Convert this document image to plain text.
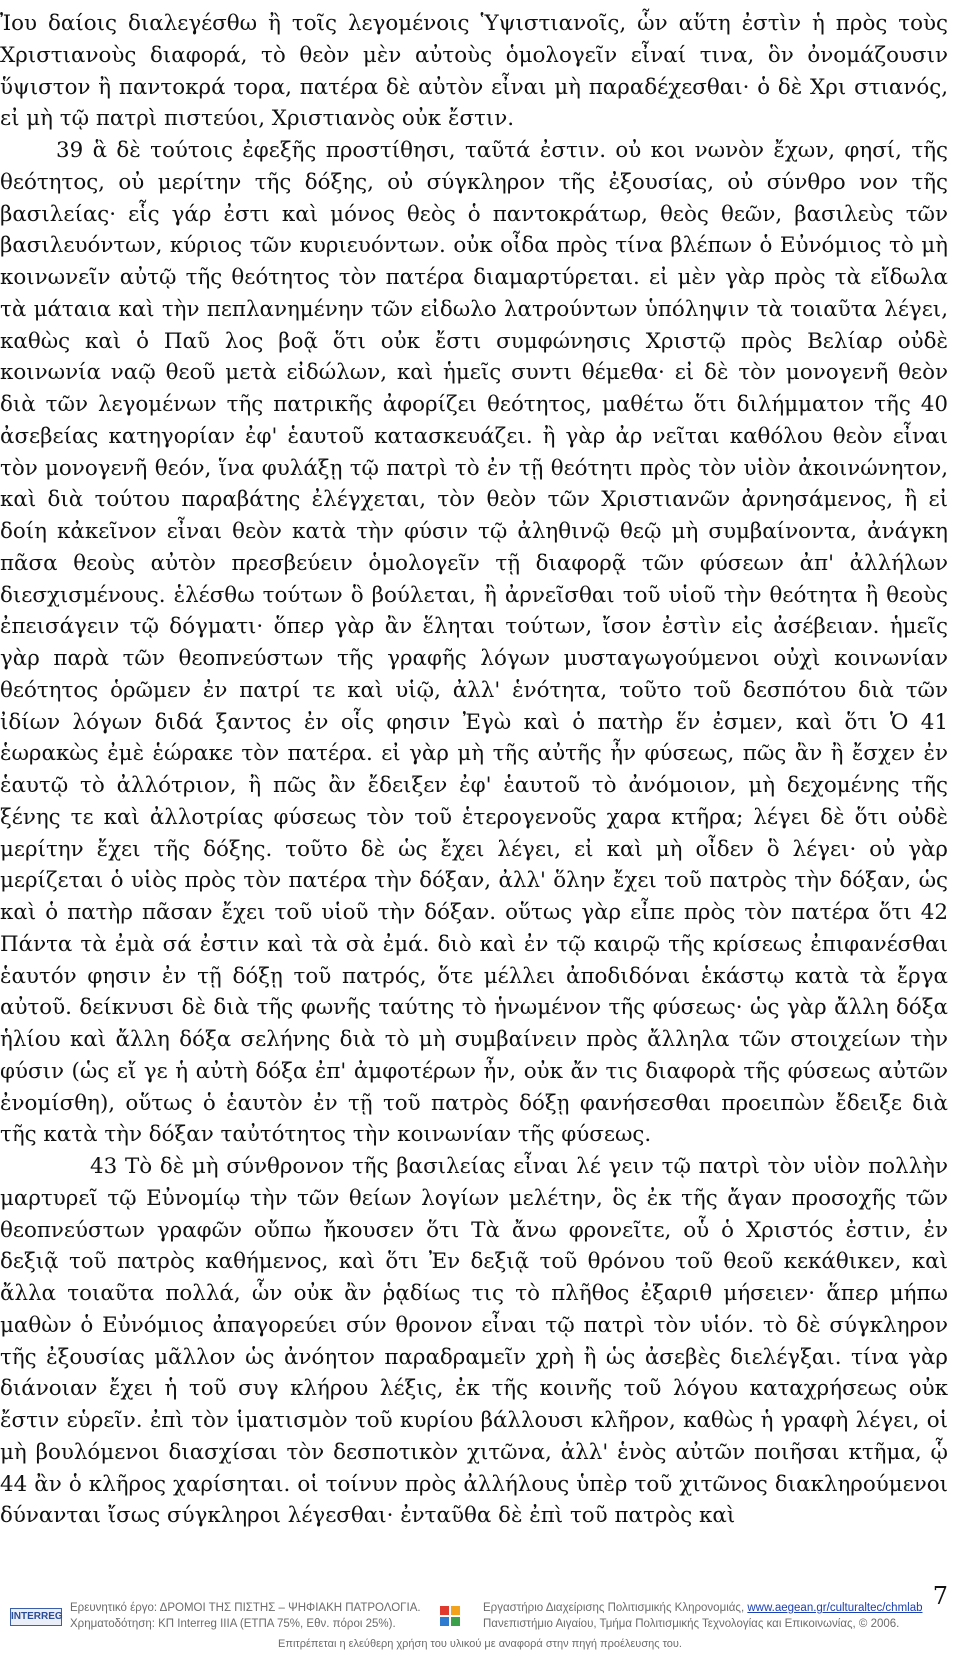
Ἰου δαίοις διαλεγέσθω ἢ τοῖς λεγομένοις Ὑψιστιανοῖς, ὧν αὕτη ἐστὶν ἡ πρὸς τοὺς Χριστιανοὺς διαφορά, τὸ θεὸν μὲν αὐτοὺς ὁμολογεῖν εἶναί τινα, ὃν ὀνομάζουσιν ὕψιστον ἢ παντοκρά τορα, πατέρα δὲ αὐτὸν εἶναι μὴ παραδέχεσθαι· ὁ δὲ Χρι στιανός, εἰ μὴ τῷ πατρὶ πιστεύοι, Χριστιανὸς οὐκ ἔστιν.

39 ἃ δὲ τούτοις ἐφεξῆς προστίθησι, ταῦτά ἐστιν. οὐ κοι νωνὸν ἔχων, φησί, τῆς θεότητος, οὐ μερίτην τῆς δόξης, οὐ σύγκληρον τῆς ἐξουσίας, οὐ σύνθρο νον τῆς βασιλείας· εἷς γάρ ἐστι καὶ μόνος θεὸς ὁ παντοκράτωρ, θεὸς θεῶν, βασιλεὺς τῶν βασιλευόντων, κύριος τῶν κυριευόντων. οὐκ οἶδα πρὸς τίνα βλέπων ὁ Εὐνόμιος τὸ μὴ κοινωνεῖν αὐτῷ τῆς θεότητος τὸν πατέρα διαμαρτύρεται. εἰ μὲν γὰρ πρὸς τὰ εἴδωλα τὰ μάταια καὶ τὴν πεπλανημένην τῶν εἰδωλο λατρούντων ὑπόληψιν τὰ τοιαῦτα λέγει, καθὼς καὶ ὁ Παῦ λος βοᾷ ὅτι οὐκ ἔστι συμφώνησις Χριστῷ πρὸς Βελίαρ οὐδὲ κοινωνία ναῷ θεοῦ μετὰ εἰδώλων, καὶ ἡμεῖς συντι θέμεθα· εἰ δὲ τὸν μονογενῆ θεὸν διὰ τῶν λεγομένων τῆς πατρικῆς ἀφορίζει θεότητος, μαθέτω ὅτι διλήμματον τῆς 40 ἀσεβείας κατηγορίαν ἐφ' ἑαυτοῦ κατασκευάζει. ἢ γὰρ ἀρ νεῖται καθόλου θεὸν εἶναι τὸν μονογενῆ θεόν, ἵνα φυλάξῃ τῷ πατρὶ τὸ ἐν τῇ θεότητι πρὸς τὸν υἱὸν ἀκοινώνητον, καὶ διὰ τούτου παραβάτης ἐλέγχεται, τὸν θεὸν τῶν Χριστιανῶν ἀρνησάμενος, ἢ εἰ δοίη κἀκεῖνον εἶναι θεὸν κατὰ τὴν φύσιν τῷ ἀληθινῷ θεῷ μὴ συμβαίνοντα, ἀνάγκη πᾶσα θεοὺς αὐτὸν πρεσβεύειν ὁμολογεῖν τῇ διαφορᾷ τῶν φύσεων ἀπ' ἀλλήλων διεσχισμένους. ἑλέσθω τούτων ὃ βούλεται, ἢ ἀρνεῖσθαι τοῦ υἱοῦ τὴν θεότητα ἢ θεοὺς ἐπεισάγειν τῷ δόγματι· ὅπερ γὰρ ἂν ἕληται τούτων, ἴσον ἐστὶν εἰς ἀσέβειαν. ἡμεῖς γὰρ παρὰ τῶν θεοπνεύστων τῆς γραφῆς λόγων μυσταγωγούμενοι οὐχὶ κοινωνίαν θεότητος ὁρῶμεν ἐν πατρί τε καὶ υἱῷ, ἀλλ' ἑνότητα, τοῦτο τοῦ δεσπότου διὰ τῶν ἰδίων λόγων διδά ξαντος ἐν οἷς φησιν Ἐγὼ καὶ ὁ πατὴρ ἕν ἐσμεν, καὶ ὅτι Ὁ 41 ἑωρακὼς ἐμὲ ἑώρακε τὸν πατέρα. εἰ γὰρ μὴ τῆς αὐτῆς ἦν φύσεως, πῶς ἂν ἢ ἔσχεν ἐν ἑαυτῷ τὸ ἀλλότριον, ἢ πῶς ἂν ἔδειξεν ἐφ' ἑαυτοῦ τὸ ἀνόμοιον, μὴ δεχομένης τῆς ξένης τε καὶ ἀλλοτρίας φύσεως τὸν τοῦ ἑτερογενοῦς χαρα κτῆρα; λέγει δὲ ὅτι οὐδὲ μερίτην ἔχει τῆς δόξης. τοῦτο δὲ ὡς ἔχει λέγει, εἰ καὶ μὴ οἶδεν ὃ λέγει· οὐ γὰρ μερίζεται ὁ υἱὸς πρὸς τὸν πατέρα τὴν δόξαν, ἀλλ' ὅλην ἔχει τοῦ πατρὸς τὴν δόξαν, ὡς καὶ ὁ πατὴρ πᾶσαν ἔχει τοῦ υἱοῦ τὴν δόξαν. οὕτως γὰρ εἶπε πρὸς τὸν πατέρα ὅτι 42 Πάντα τὰ ἐμὰ σά ἐστιν καὶ τὰ σὰ ἐμά. διὸ καὶ ἐν τῷ καιρῷ τῆς κρίσεως ἐπιφανέσθαι ἑαυτόν φησιν ἐν τῇ δόξῃ τοῦ πατρός, ὅτε μέλλει ἀποδιδόναι ἑκάστῳ κατὰ τὰ ἔργα αὐτοῦ. δείκνυσι δὲ διὰ τῆς φωνῆς ταύτης τὸ ἡνωμένον τῆς φύσεως· ὡς γὰρ ἄλλη δόξα ἡλίου καὶ ἄλλη δόξα σελήνης διὰ τὸ μὴ συμβαίνειν πρὸς ἄλληλα τῶν στοιχείων τὴν φύσιν (ὡς εἴ γε ἡ αὐτὴ δόξα ἐπ' ἀμφοτέρων ἦν, οὐκ ἄν τις διαφορὰ τῆς φύσεως αὐτῶν ἐνομίσθη), οὕτως ὁ ἑαυτὸν ἐν τῇ τοῦ πατρὸς δόξῃ φανήσεσθαι προειπὼν ἔδειξε διὰ τῆς κατὰ τὴν δόξαν ταὐτότητος τὴν κοινωνίαν τῆς φύσεως.

43 Τὸ δὲ μὴ σύνθρονον τῆς βασιλείας εἶναι λέ γειν τῷ πατρὶ τὸν υἱὸν πολλὴν μαρτυρεῖ τῷ Εὐνομίῳ τὴν τῶν θείων λογίων μελέτην, ὃς ἐκ τῆς ἄγαν προσοχῆς τῶν θεοπνεύστων γραφῶν οὔπω ἤκουσεν ὅτι Τὰ ἄνω φρονεῖτε, οὗ ὁ Χριστός ἐστιν, ἐν δεξιᾷ τοῦ πατρὸς καθήμενος, καὶ ὅτι Ἐν δεξιᾷ τοῦ θρόνου τοῦ θεοῦ κεκάθικεν, καὶ ἄλλα τοιαῦτα πολλά, ὧν οὐκ ἂν ῥᾳδίως τις τὸ πλῆθος ἐξαριθ μήσειεν· ἅπερ μήπω μαθὼν ὁ Εὐνόμιος ἀπαγορεύει σύν θρονον εἶναι τῷ πατρὶ τὸν υἱόν. τὸ δὲ σύγκληρον τῆς ἐξουσίας μᾶλλον ὡς ἀνόητον παραδραμεῖν χρὴ ἢ ὡς ἀσεβὲς διελέγξαι. τίνα γὰρ διάνοιαν ἔχει ἡ τοῦ συγ κλήρου λέξις, ἐκ τῆς κοινῆς τοῦ λόγου καταχρήσεως οὐκ ἔστιν εὑρεῖν. ἐπὶ τὸν ἱματισμὸν τοῦ κυρίου βάλλουσι κλῆρον, καθὼς ἡ γραφὴ λέγει, οἱ μὴ βουλόμενοι διασχίσαι τὸν δεσποτικὸν χιτῶνα, ἀλλ' ἑνὸς αὐτῶν ποιῆσαι κτῆμα, ᾧ 44 ἂν ὁ κλῆρος χαρίσηται. οἱ τοίνυν πρὸς ἀλλήλους ὑπὲρ τοῦ χιτῶνος διακληρούμενοι δύνανται ἴσως σύγκληροι λέγεσθαι· ἐνταῦθα δὲ ἐπὶ τοῦ πατρὸς καὶ

7
INTERREG
Ερευνητικό έργο: ΔΡΟΜΟΙ ΤΗΣ ΠΙΣΤΗΣ – ΨΗΦΙΑΚΗ ΠΑΤΡΟΛΟΓΙΑ.
Χρηματοδότηση: ΚΠ Interreg IIIA (ΕΤΠΑ 75%, Εθν. πόροι 25%).
Εργαστήριο Διαχείρισης Πολιτισμικής Κληρονομιάς, www.aegean.gr/culturaltec/chmlab
Πανεπιστήμιο Αιγαίου, Τμήμα Πολιτισμικής Τεχνολογίας και Επικοινωνίας, © 2006.
Επιτρέπεται η ελεύθερη χρήση του υλικού με αναφορά στην πηγή προέλευσης του.
